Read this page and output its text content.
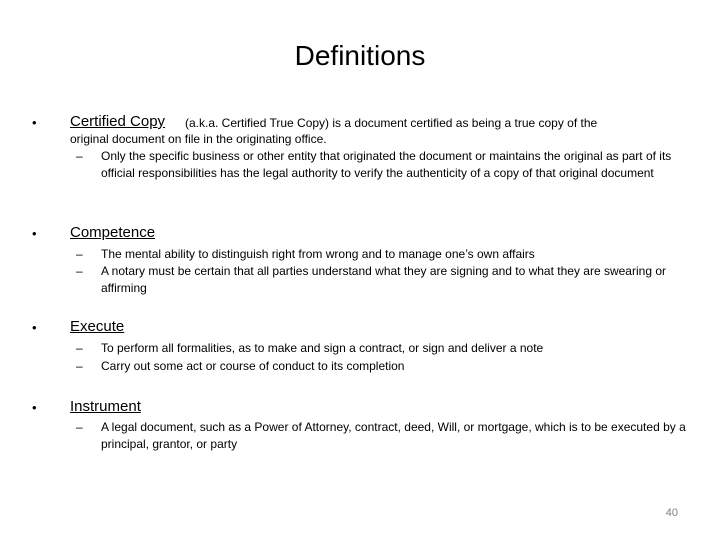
Definitions
• Certified Copy (a.k.a. Certified True Copy) is a document certified as being a true copy of the
original document on file in the originating office.
– Only the specific business or other entity that originated the document or maintains the original as part of its official responsibilities has the legal authority to verify the authenticity of a copy of that original document
• Competence
– The mental ability to distinguish right from wrong and to manage one’s own affairs
– A notary must be certain that all parties understand what they are signing and to what they are swearing or affirming
• Execute
– To perform all formalities, as to make and sign a contract, or sign and deliver a note
– Carry out some act or course of conduct to its completion
• Instrument
– A legal document, such as a Power of Attorney, contract, deed, Will, or mortgage, which is to be executed by a principal, grantor, or party
40
